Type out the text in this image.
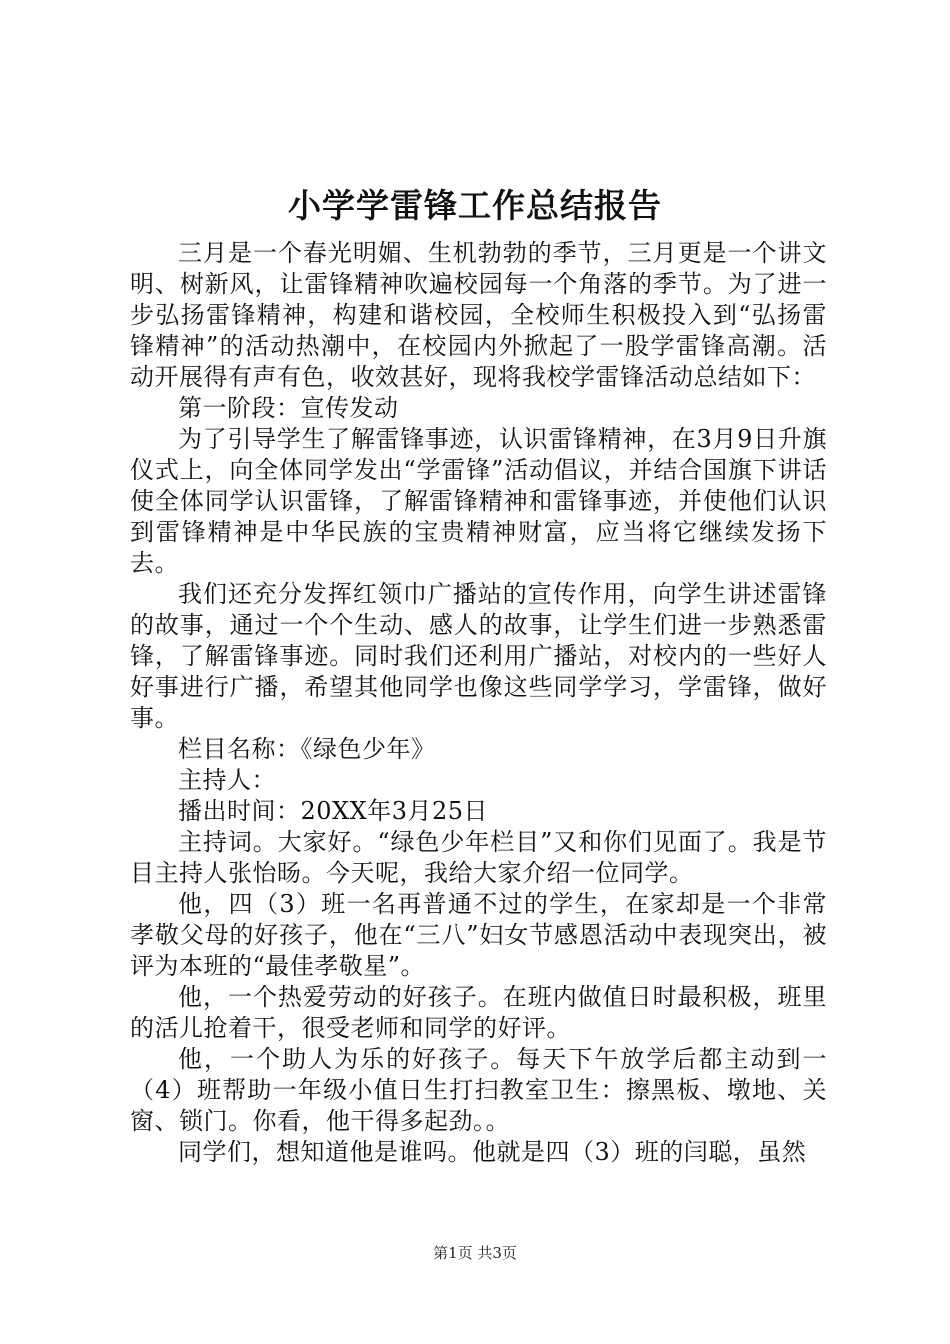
小学学雷锋工作总结报告

三月是一个春光明媚、生机勃勃的季节，三月更是一个讲文明、树新风，让雷锋精神吹遍校园每一个角落的季节。为了进一步弘扬雷锋精神，构建和谐校园，全校师生积极投入到“弘扬雷锋精神”的活动热潮中，在校园内外掀起了一股学雷锋高潮。活动开展得有声有色，收效甚好，现将我校学雷锋活动总结如下：

第一阶段：宣传发动

为了引导学生了解雷锋事迹，认识雷锋精神，在3月9日升旗仪式上，向全体同学发出“学雷锋”活动倡议，并结合国旗下讲话使全体同学认识雷锋，了解雷锋精神和雷锋事迹，并使他们认识到雷锋精神是中华民族的宝贵精神财富，应当将它继续发扬下去。

我们还充分发挥红领巾广播站的宣传作用，向学生讲述雷锋的故事，通过一个个生动、感人的故事，让学生们进一步熟悉雷锋，了解雷锋事迹。同时我们还利用广播站，对校内的一些好人好事进行广播，希望其他同学也像这些同学学习，学雷锋，做好事。

栏目名称：《绿色少年》

主持人：

播出时间：20XX年3月25日

主持词。大家好。“绿色少年栏目”又和你们见面了。我是节目主持人张怡旸。今天呢，我给大家介绍一位同学。

他，四（3）班一名再普通不过的学生，在家却是一个非常孝敬父母的好孩子，他在“三八”妇女节感恩活动中表现突出，被评为本班的“最佳孝敬星”。

他，一个热爱劳动的好孩子。在班内做值日时最积极，班里的活儿抢着干，很受老师和同学的好评。

他，一个助人为乐的好孩子。每天下午放学后都主动到一（4）班帮助一年级小值日生打扫教室卫生：擦黑板、墩地、关窗、锁门。你看，他干得多起劲。。

同学们，想知道他是谁吗。他就是四（3）班的闫聪，虽然

第1页 共3页
